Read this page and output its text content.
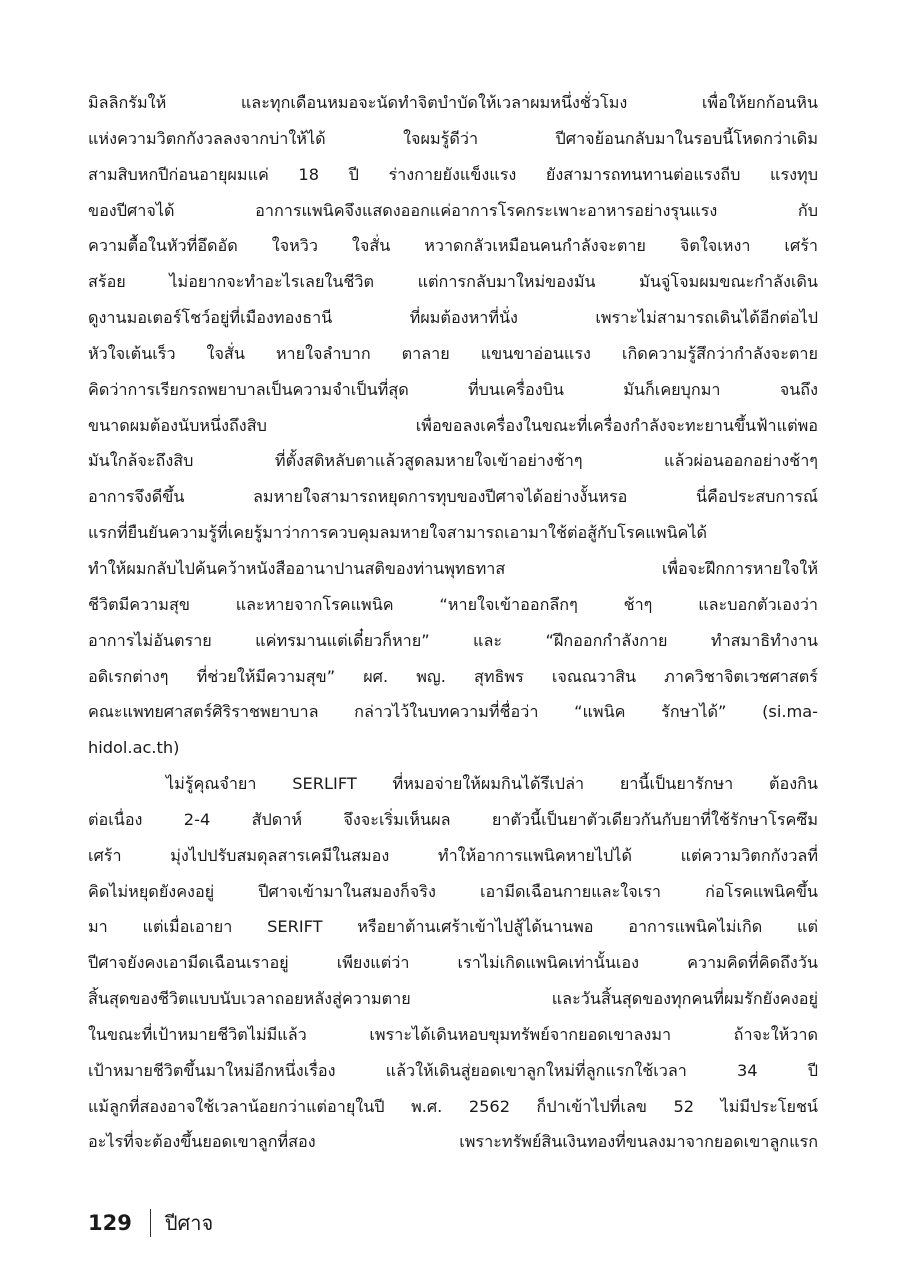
มิลลิกรัมให้ และทุกเดือนหมอจะนัดทำจิตบำบัดให้เวลาผมหนึ่งชั่วโมง เพื่อให้ยกก้อนหิน
แห่งความวิตกกังวลลงจากบ่าให้ได้ ใจผมรู้ดีว่า ปีศาจย้อนกลับมาในรอบนี้โหดกว่าเดิม
สามสิบหกปีก่อนอายุผมแค่ 18 ปี ร่างกายยังแข็งแรง ยังสามารถทนทานต่อแรงถีบ แรงทุบ
ของปีศาจได้ อาการแพนิคจึงแสดงออกแค่อาการโรคกระเพาะอาหารอย่างรุนแรง กับ
ความตื้อในหัวที่อึดอัด ใจหวิว ใจสั่น หวาดกลัวเหมือนคนกำลังจะตาย จิตใจเหงา เศร้า
สร้อย ไม่อยากจะทำอะไรเลยในชีวิต แต่การกลับมาใหม่ของมัน มันจู่โจมผมขณะกำลังเดิน
ดูงานมอเตอร์โชว์อยู่ที่เมืองทองธานี ที่ผมต้องหาที่นั่ง เพราะไม่สามารถเดินได้อีกต่อไป
หัวใจเต้นเร็ว ใจสั่น หายใจลำบาก ตาลาย แขนขาอ่อนแรง เกิดความรู้สึกว่ากำลังจะตาย
คิดว่าการเรียกรถพยาบาลเป็นความจำเป็นที่สุด ที่บนเครื่องบิน มันก็เคยบุกมา จนถึง
ขนาดผมต้องนับหนึ่งถึงสิบ เพื่อขอลงเครื่องในขณะที่เครื่องกำลังจะทะยานขึ้นฟ้าแต่พอ
มันใกล้จะถึงสิบ ที่ตั้งสติหลับตาแล้วสูดลมหายใจเข้าอย่างช้าๆ แล้วผ่อนออกอย่างช้าๆ
อาการจึงดีขึ้น ลมหายใจสามารถหยุดการทุบของปีศาจได้อย่างงั้นหรอ นี่คือประสบการณ์
แรกที่ยืนยันความรู้ที่เคยรู้มาว่าการควบคุมลมหายใจสามารถเอามาใช้ต่อสู้กับโรคแพนิคได้
ทำให้ผมกลับไปค้นคว้าหนังสืออานาปานสติของท่านพุทธทาส เพื่อจะฝึกการหายใจให้
ชีวิตมีความสุข และหายจากโรคแพนิค “หายใจเข้าออกลึกๆ ช้าๆ และบอกตัวเองว่า
อาการไม่อันตราย แค่ทรมานแต่เดี๋ยวก็หาย” และ “ฝึกออกกำลังกาย ทำสมาธิทำงาน
อดิเรกต่างๆ ที่ช่วยให้มีความสุข” ผศ. พญ. สุทธิพร เจณณวาสิน ภาควิชาจิตเวชศาสตร์
คณะแพทยศาสตร์ศิริราชพยาบาล กล่าวไว้ในบทความที่ชื่อว่า “แพนิค รักษาได้” (si.ma-
hidol.ac.th)
ไม่รู้คุณจำยา SERLIFT ที่หมอจ่ายให้ผมกินได้รึเปล่า ยานี้เป็นยารักษา ต้องกิน
ต่อเนื่อง 2-4 สัปดาห์ จึงจะเริ่มเห็นผล ยาตัวนี้เป็นยาตัวเดียวกันกับยาที่ใช้รักษาโรคซึม
เศร้า มุ่งไปปรับสมดุลสารเคมีในสมอง ทำให้อาการแพนิคหายไปได้ แต่ความวิตกกังวลที่
คิดไม่หยุดยังคงอยู่ ปีศาจเข้ามาในสมองก็จริง เอามีดเฉือนกายและใจเรา ก่อโรคแพนิคขึ้น
มา แต่เมื่อเอายา SERIFT หรือยาต้านเศร้าเข้าไปสู้ได้นานพอ อาการแพนิคไม่เกิด แต่
ปีศาจยังคงเอามีดเฉือนเราอยู่ เพียงแต่ว่า เราไม่เกิดแพนิคเท่านั้นเอง ความคิดที่คิดถึงวัน
สิ้นสุดของชีวิตแบบนับเวลาถอยหลังสู่ความตาย และวันสิ้นสุดของทุกคนที่ผมรักยังคงอยู่
ในขณะที่เป้าหมายชีวิตไม่มีแล้ว เพราะได้เดินหอบขุมทรัพย์จากยอดเขาลงมา ถ้าจะให้วาด
เป้าหมายชีวิตขึ้นมาใหม่อีกหนึ่งเรื่อง แล้วให้เดินสู่ยอดเขาลูกใหม่ที่ลูกแรกใช้เวลา 34 ปี
แม้ลูกที่สองอาจใช้เวลาน้อยกว่าแต่อายุในปี พ.ศ. 2562 ก็ปาเข้าไปที่เลข 52 ไม่มีประโยชน์
อะไรที่จะต้องขึ้นยอดเขาลูกที่สอง เพราะทรัพย์สินเงินทองที่ขนลงมาจากยอดเขาลูกแรก
129 ปีศาจ
